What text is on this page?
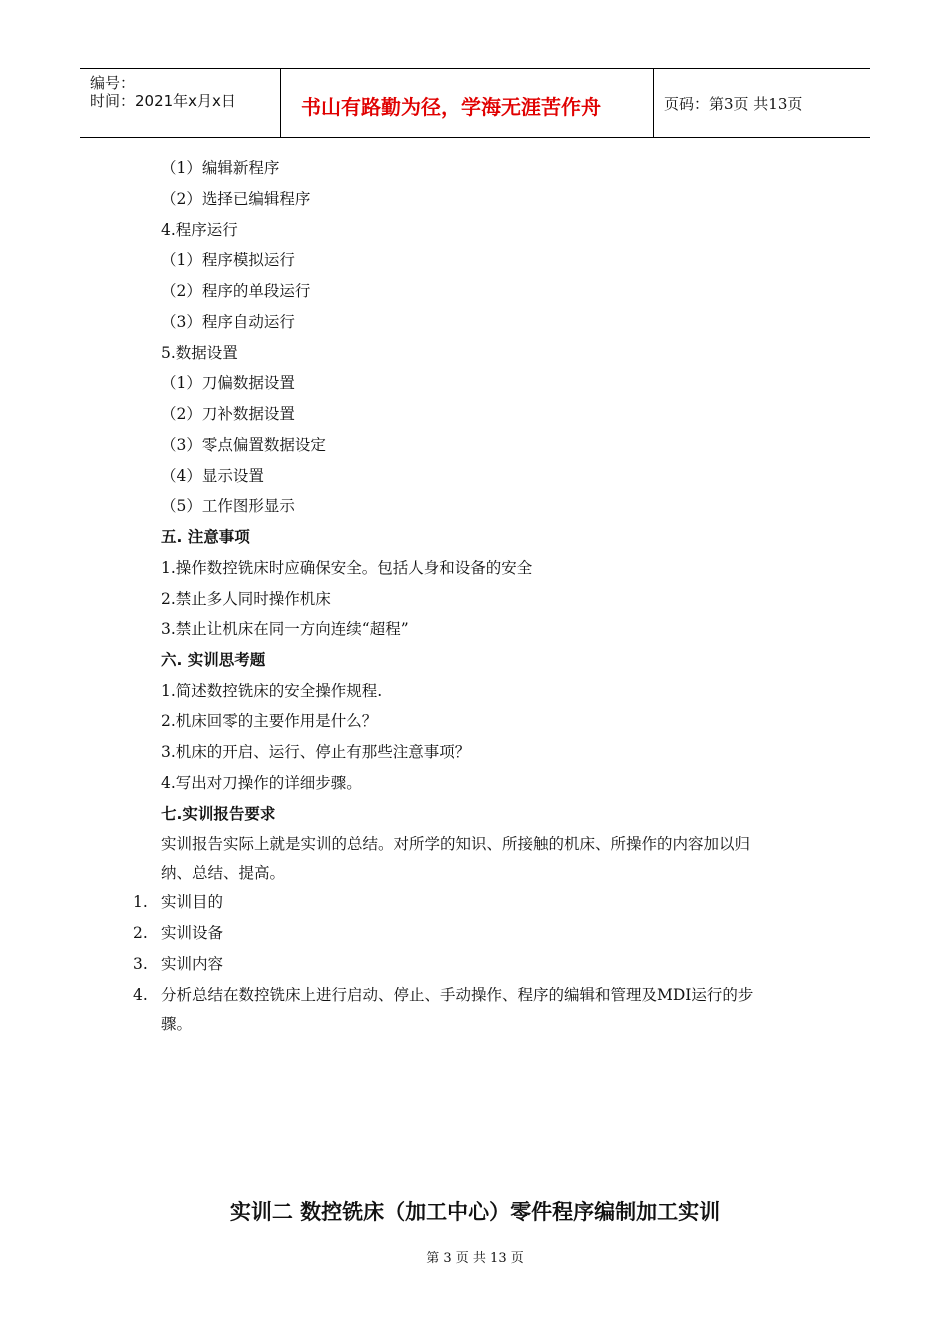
编号：
时间：2021年x月x日	书山有路勤为径，学海无涯苦作舟	页码：第3页 共13页
（1）编辑新程序
（2）选择已编辑程序
4.程序运行
（1）程序模拟运行
（2）程序的单段运行
（3）程序自动运行
5.数据设置
（1）刀偏数据设置
（2）刀补数据设置
（3）零点偏置数据设定
（4）显示设置
（5）工作图形显示
五. 注意事项
1.操作数控铣床时应确保安全。包括人身和设备的安全
2.禁止多人同时操作机床
3.禁止让机床在同一方向连续“超程”
六. 实训思考题
1.简述数控铣床的安全操作规程.
2.机床回零的主要作用是什么？
3.机床的开启、运行、停止有那些注意事项？
4.写出对刀操作的详细步骤。
七.实训报告要求
实训报告实际上就是实训的总结。对所学的知识、所接触的机床、所操作的内容加以归
纳、总结、提高。
1. 实训目的
2. 实训设备
3. 实训内容
4. 分析总结在数控铣床上进行启动、停止、手动操作、程序的编辑和管理及MDI运行的步
骤。
实训二 数控铣床（加工中心）零件程序编制加工实训
第 3 页 共 13 页
